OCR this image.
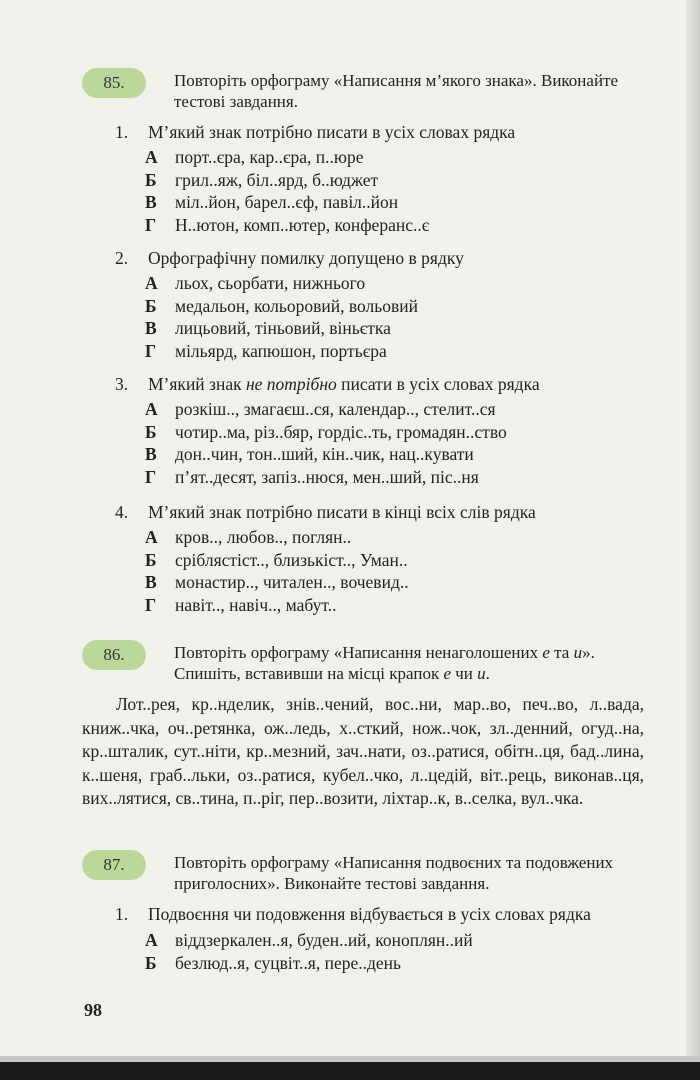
85.	Повторіть орфограму «Написання м’якого знака». Виконайте тестові завдання.
1. М’який знак потрібно писати в усіх словах рядка
А порт..єра, кар..єра, п..юре
Б грил..яж, біл..ярд, б..юджет
В міл..йон, барел..єф, павіл..йон
Г Н..ютон, комп..ютер, конферанс..є
2. Орфографічну помилку допущено в рядку
А льох, сьорбати, нижнього
Б медальон, кольоровий, вольовий
В лицьовий, тіньовий, віньєтка
Г мільярд, капюшон, портьєра
3. М’який знак не потрібно писати в усіх словах рядка
А розкіш.., змагаєш..ся, календар.., стелит..ся
Б чотир..ма, різ..бяр, гордіс..ть, громадян..ство
В дон..чин, тон..ший, кін..чик, нац..кувати
Г п’ят..десят, запіз..нюся, мен..ший, піс..ня
4. М’який знак потрібно писати в кінці всіх слів рядка
А кров.., любов.., поглян..
Б сріблястіст.., близькіст.., Уман..
В монастир.., читален.., вочевид..
Г навіт.., навіч.., мабут..
86.	Повторіть орфограму «Написання ненаголошених е та и». Спишіть, вставивши на місці крапок е чи и.
Лот..рея, кр..нделик, знів..чений, вос..ни, мар..во, печ..во, л..вада, книж..чка, оч..ретянка, ож..ледь, х..сткий, нож..чок, зл..денний, огуд..на, кр..шталик, сут..ніти, кр..мезний, зач..нати, оз..ратися, обітн..ця, бад..лина, к..шеня, граб..льки, оз..ратися, кубел..чко, л..цедій, віт..рець, виконав..ця, вих..лятися, св..тина, п..ріг, пер..возити, ліхтар..к, в..селка, вул..чка.
87.	Повторіть орфограму «Написання подвоєних та подовжених приголосних». Виконайте тестові завдання.
1. Подвоєння чи подовження відбувається в усіх словах рядка
А віддзеркален..я, буден..ий, коноплян..ий
Б безлюд..я, суцвіт..я, пере..день
98
